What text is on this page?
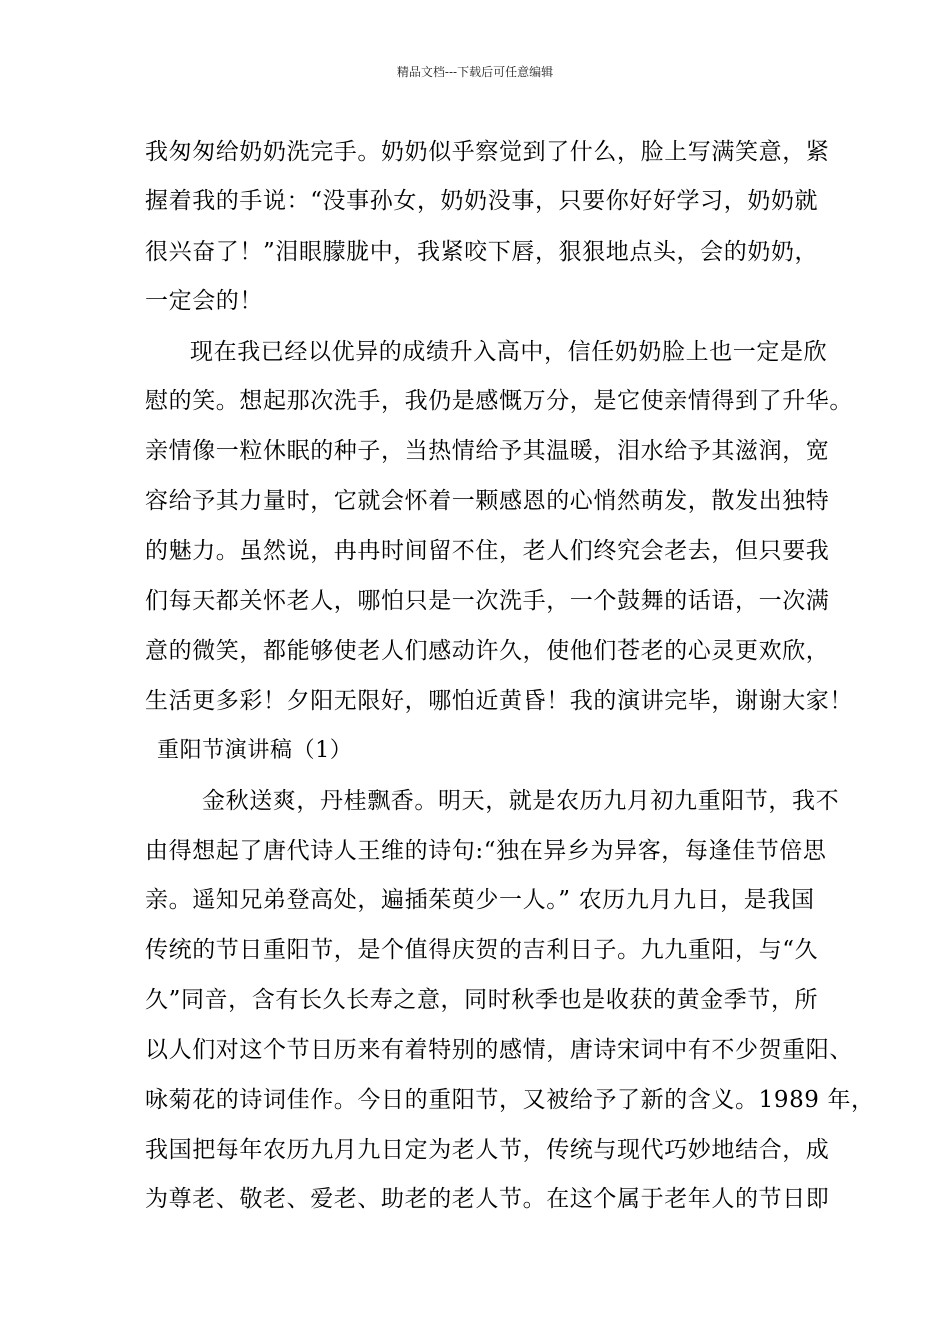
精品文档---下载后可任意编辑
我匆匆给奶奶洗完手。奶奶似乎察觉到了什么，脸上写满笑意，紧
握着我的手说：“没事孙女，奶奶没事，只要你好好学习，奶奶就
很兴奋了！”泪眼朦胧中，我紧咬下唇，狠狠地点头，会的奶奶，
一定会的！
现在我已经以优异的成绩升入高中，信任奶奶脸上也一定是欣
慰的笑。想起那次洗手，我仍是感慨万分，是它使亲情得到了升华。
亲情像一粒休眠的种子，当热情给予其温暖，泪水给予其滋润，宽
容给予其力量时，它就会怀着一颗感恩的心悄然萌发，散发出独特
的魅力。虽然说，冉冉时间留不住，老人们终究会老去，但只要我
们每天都关怀老人，哪怕只是一次洗手，一个鼓舞的话语，一次满
意的微笑，都能够使老人们感动许久，使他们苍老的心灵更欢欣，
生活更多彩！夕阳无限好，哪怕近黄昏！我的演讲完毕，谢谢大家！
重阳节演讲稿（1）
金秋送爽，丹桂飘香。明天，就是农历九月初九重阳节，我不
由得想起了唐代诗人王维的诗句:“独在异乡为异客，每逢佳节倍思
亲。遥知兄弟登高处，遍插茱萸少一人。” 农历九月九日，是我国
传统的节日重阳节，是个值得庆贺的吉利日子。九九重阳，与“久
久”同音，含有长久长寿之意，同时秋季也是收获的黄金季节，所
以人们对这个节日历来有着特别的感情，唐诗宋词中有不少贺重阳、
咏菊花的诗词佳作。今日的重阳节，又被给予了新的含义。1989 年，
我国把每年农历九月九日定为老人节，传统与现代巧妙地结合，成
为尊老、敬老、爱老、助老的老人节。在这个属于老年人的节日即
